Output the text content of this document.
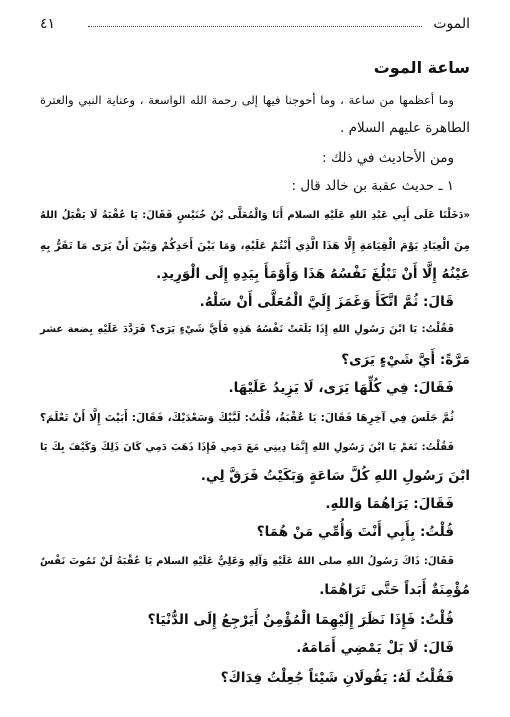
الموت
٤١
ساعة الموت
وما أعظمها من ساعة ، وما أحوجنا فيها إلى رحمة الله الواسعة ، وعناية النبي والعترة
الطاهرة عليهم السلام .
ومن الأحاديث في ذلك :
١ ـ حديث عقبة بن خالد قال :
«دَخَلْنَا عَلَى أَبِي عَبْدِ اللهِ عَلَيْهِ السلام أَنَا وَالْمُعَلَّى بْنُ خُنَيْسٍ فَقَالَ: يَا عُقْبَةُ لَا يَقْبَلُ اللهُ
مِنَ الْعِبَادِ يَوْمَ الْقِيَامَةِ إِلَّا هَذَا الَّذِي أَنْتُمْ عَلَيْهِ، وَمَا بَيْنَ أَحَدِكُمْ وَبَيْنَ أَنْ يَرَى مَا تَقَرُّ بِهِ
عَيْنُهُ إِلَّا أَنْ تَبْلُغَ نَفْسُهُ هَذَا وَأَوْمَأَ بِيَدِهِ إِلَى الْوَرِيدِ.
قَالَ: ثُمَّ اتَّكَأَ وَغَمَزَ إِلَيَّ الْمُعَلَّى أَنْ سَلْهُ.
فَقُلْتُ: يَا ابْنَ رَسُولِ اللهِ إِذَا بَلَغَتْ نَفْسُهُ هَذِهِ فَأَيَّ شَيْءٍ يَرَى؟ فَرَدَّدَ عَلَيْهِ بِضعة عشر
مَرَّةً: أَيَّ شَيْءٍ يَرَى؟
فَقَالَ: فِي كُلِّهَا يَرَى، لَا يَزِيدُ عَلَيْهَا.
ثُمَّ جَلَسَ فِي آخِرِهَا فَقَالَ: يَا عُقْبَةُ، قُلْتُ: لَبَّيْكَ وَسَعْدَيْكَ، فَقَالَ: أَبَيْتَ إِلَّا أَنْ تَعْلَمَ؟
فَقُلْتُ: نَعَمْ يَا ابْنَ رَسُولِ اللهِ إِنَّمَا دِينِي مَعَ دَمِي فَإِذَا ذَهَبَ دَمِي كَانَ ذَلِكَ وَكَيْفَ بِكَ يَا
ابْنَ رَسُولِ اللهِ كُلَّ سَاعَةٍ وَبَكَيْتُ فَرَقَّ لِي.
فَقَالَ: يَرَاهُمَا وَاللهِ.
قُلْتُ: بِأَبِي أَنْتَ وَأُمِّي مَنْ هُمَا؟
فَقَالَ: ذَاكَ رَسُولُ اللهِ صلى اللهُ عَلَيْهِ وَآلِهِ وَعَلِيٌّ عَلَيْهِ السلام يَا عُقْبَةُ لَنْ تَمُوتَ نَفْسٌ
مُؤْمِنَةٌ أَبَداً حَتَّى تَرَاهُمَا.
قُلْتُ: فَإِذَا نَظَرَ إِلَيْهِمَا الْمُؤْمِنُ أَيَرْجِعُ إِلَى الدُّنْيَا؟
قَالَ: لَا بَلْ يَمْضِي أَمَامَهُ.
فَقُلْتُ لَهُ: يَقُولَانِ شَيْئاً جُعِلْتُ فِدَاكَ؟
